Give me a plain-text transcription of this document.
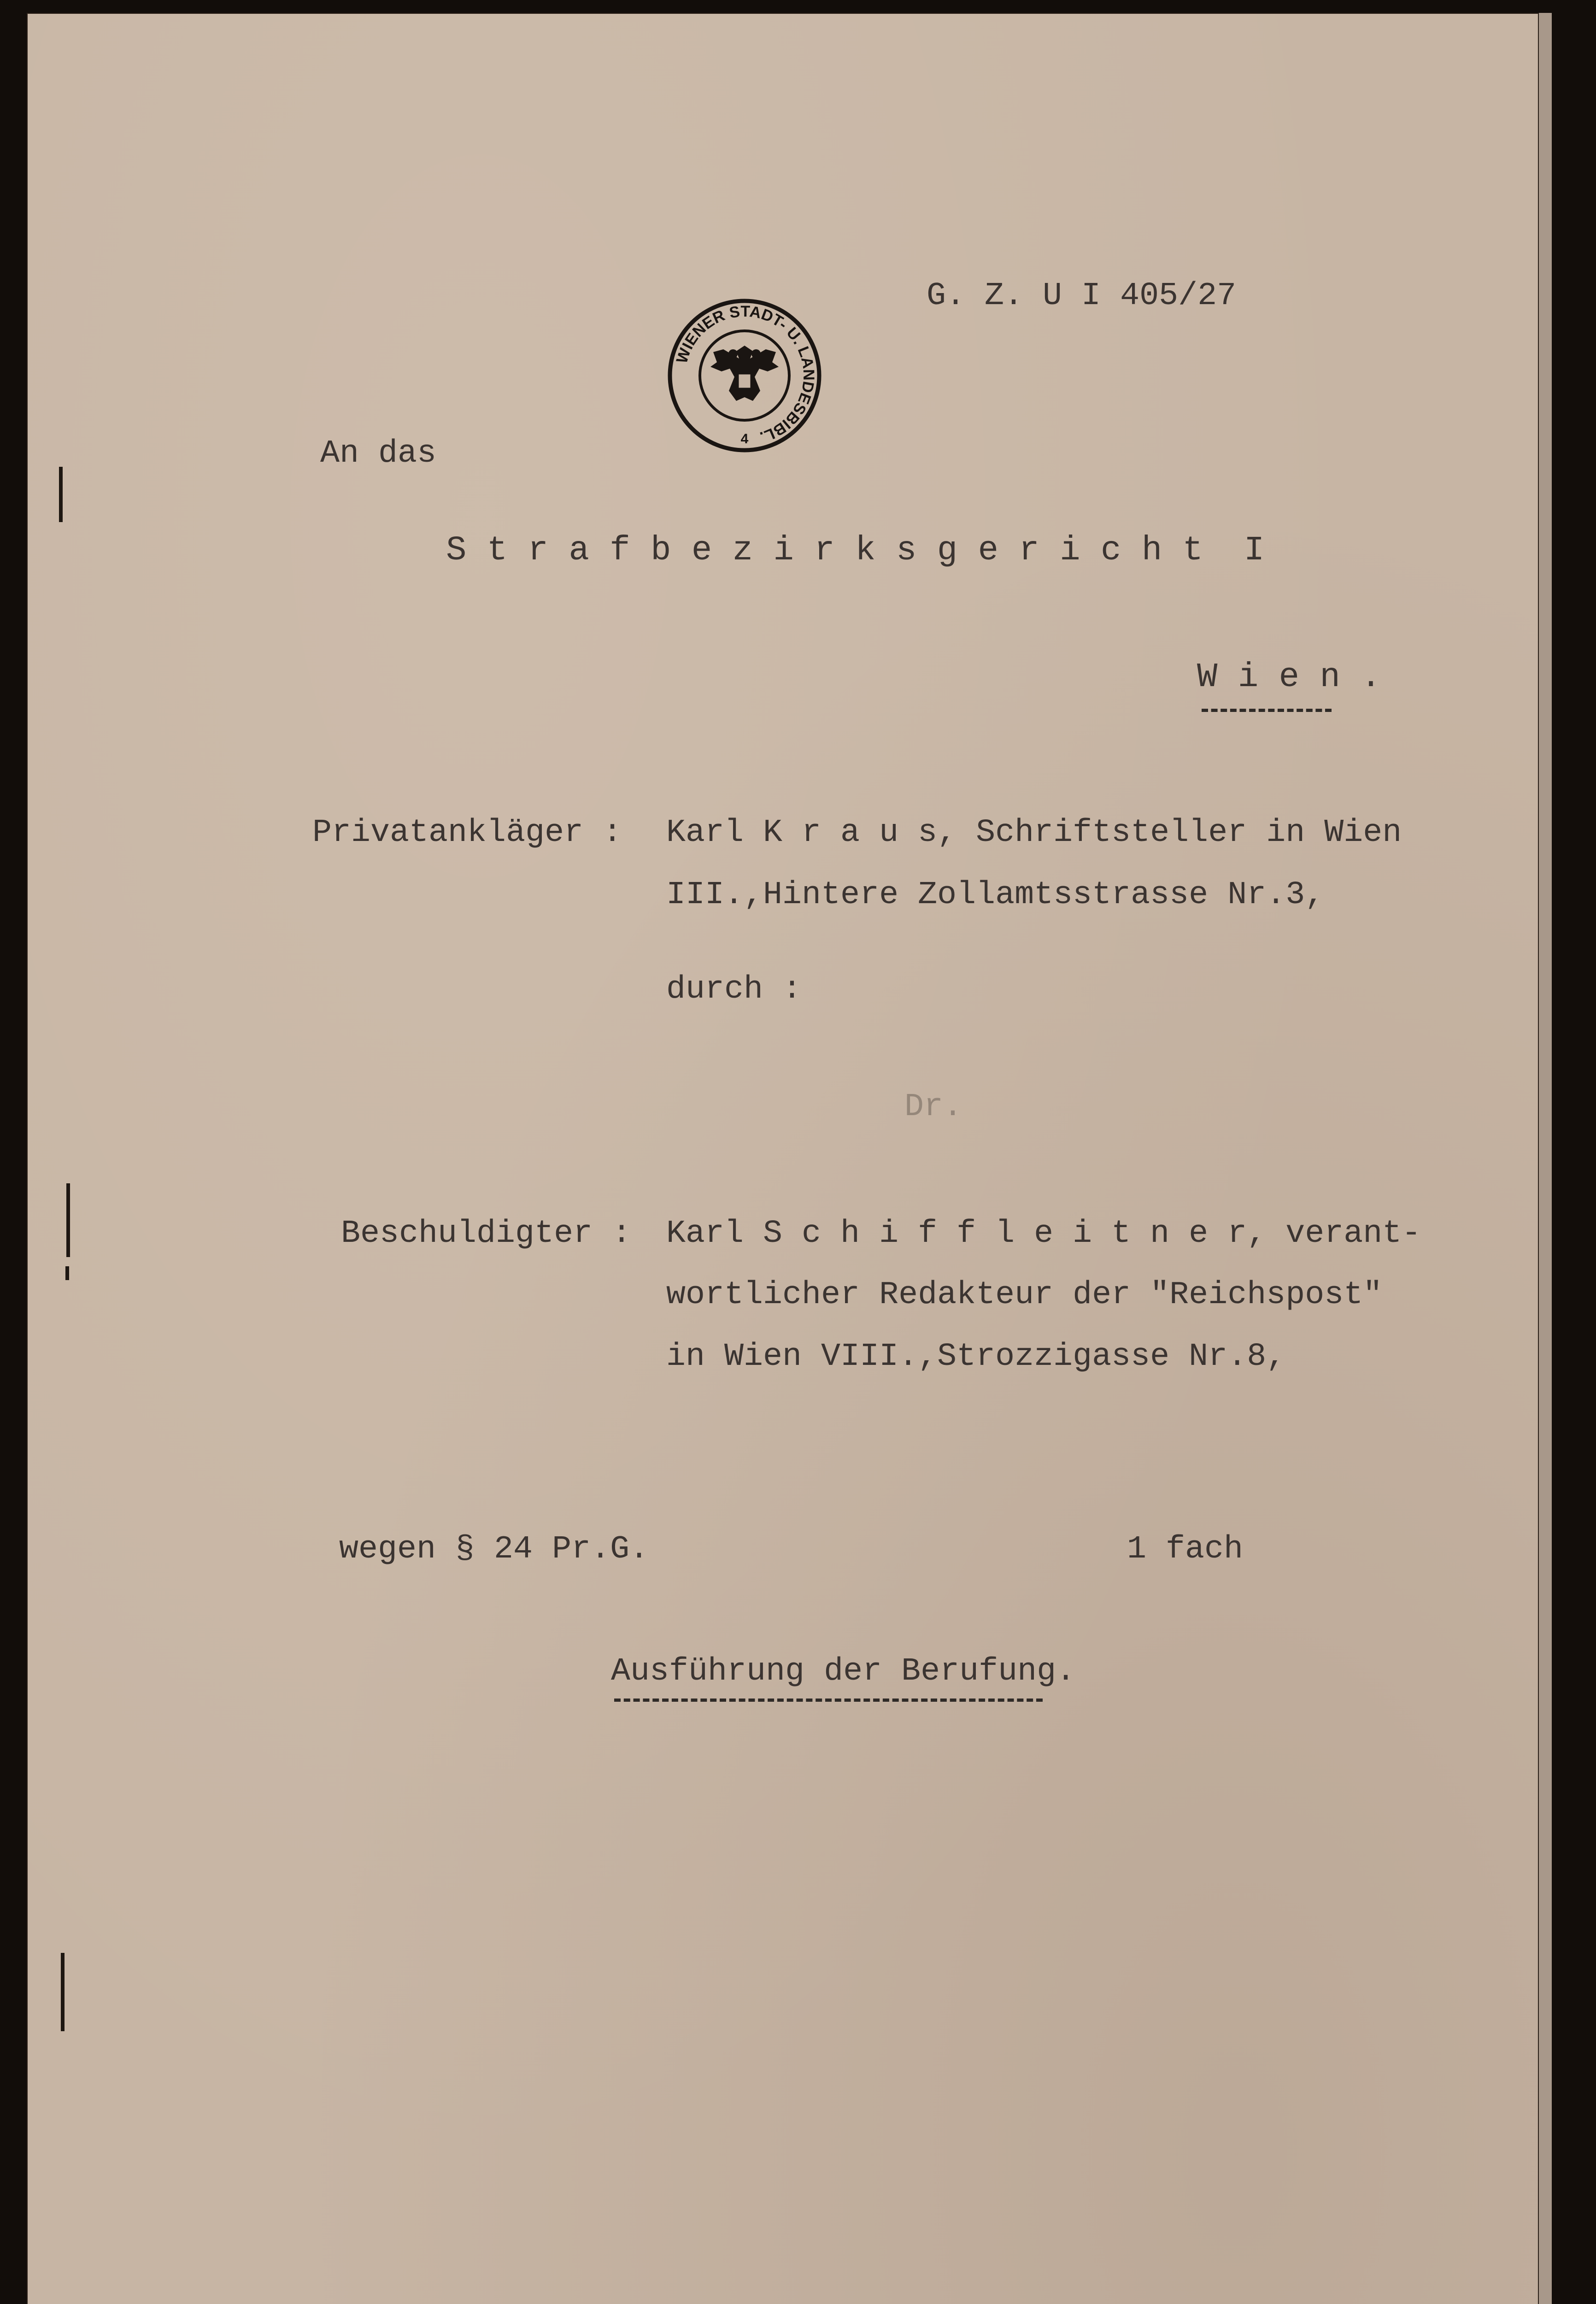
G. Z. U I 405/27
WIENER STADT- U. LANDESBIBL.
4
An das
S t r a f b e z i r k s g e r i c h t  I
W i e n .
Privatankläger : Karl K r a u s, Schriftsteller in Wien
III.,Hintere Zollamtsstrasse Nr.3,
durch :
Dr.
Beschuldigter : Karl S c h i f f l e i t n e r, verant-
wortlicher Redakteur der "Reichspost"
in Wien VIII.,Strozzigasse Nr.8,
wegen § 24 Pr.G.	1 fach
Ausführung der Berufung.
